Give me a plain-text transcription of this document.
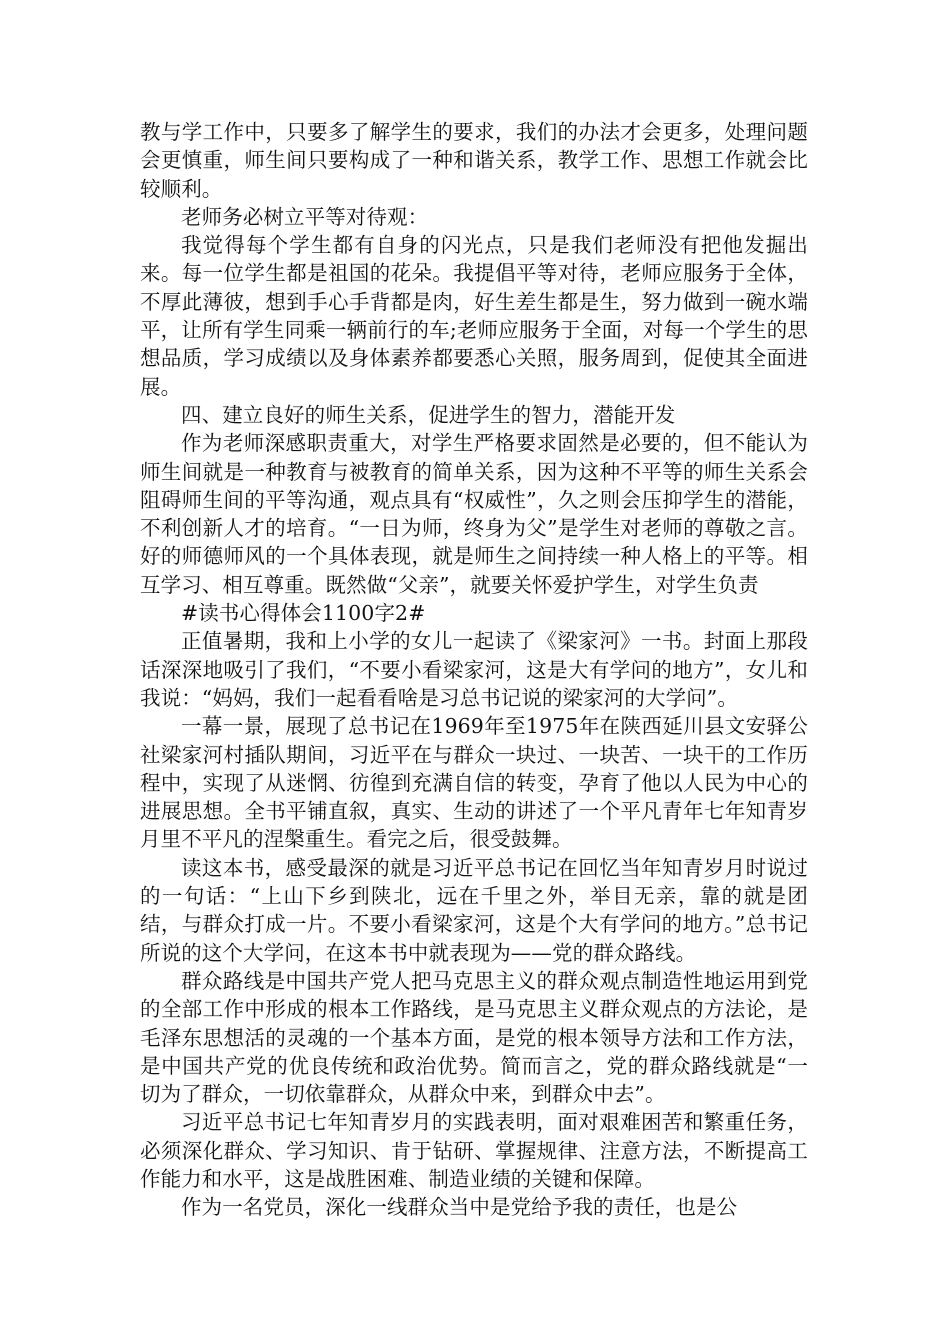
教与学工作中，只要多了解学生的要求，我们的办法才会更多，处理问题会更慎重，师生间只要构成了一种和谐关系，教学工作、思想工作就会比较顺利。

老师务必树立平等对待观：

我觉得每个学生都有自身的闪光点，只是我们老师没有把他发掘出来。每一位学生都是祖国的花朵。我提倡平等对待，老师应服务于全体，不厚此薄彼，想到手心手背都是肉，好生差生都是生，努力做到一碗水端平，让所有学生同乘一辆前行的车;老师应服务于全面，对每一个学生的思想品质，学习成绩以及身体素养都要悉心关照，服务周到，促使其全面进展。

四、建立良好的师生关系，促进学生的智力，潜能开发

作为老师深感职责重大，对学生严格要求固然是必要的，但不能认为师生间就是一种教育与被教育的简单关系，因为这种不平等的师生关系会阻碍师生间的平等沟通，观点具有“权威性”，久之则会压抑学生的潜能，不利创新人才的培育。“一日为师，终身为父”是学生对老师的尊敬之言。好的师德师风的一个具体表现，就是师生之间持续一种人格上的平等。相互学习、相互尊重。既然做“父亲”，就要关怀爱护学生，对学生负责

#读书心得体会1100字2#

正值暑期，我和上小学的女儿一起读了《梁家河》一书。封面上那段话深深地吸引了我们，“不要小看梁家河，这是大有学问的地方”，女儿和我说：“妈妈，我们一起看看啥是习总书记说的梁家河的大学问”。

一幕一景，展现了总书记在1969年至1975年在陕西延川县文安驿公社梁家河村插队期间，习近平在与群众一块过、一块苦、一块干的工作历程中，实现了从迷惘、彷徨到充满自信的转变，孕育了他以人民为中心的进展思想。全书平铺直叙，真实、生动的讲述了一个平凡青年七年知青岁月里不平凡的涅槃重生。看完之后，很受鼓舞。

读这本书，感受最深的就是习近平总书记在回忆当年知青岁月时说过的一句话：“上山下乡到陕北，远在千里之外，举目无亲，靠的就是团结，与群众打成一片。不要小看梁家河，这是个大有学问的地方。”总书记所说的这个大学问，在这本书中就表现为——党的群众路线。

群众路线是中国共产党人把马克思主义的群众观点制造性地运用到党的全部工作中形成的根本工作路线，是马克思主义群众观点的方法论，是毛泽东思想活的灵魂的一个基本方面，是党的根本领导方法和工作方法，是中国共产党的优良传统和政治优势。简而言之，党的群众路线就是“一切为了群众，一切依靠群众，从群众中来，到群众中去”。

习近平总书记七年知青岁月的实践表明，面对艰难困苦和繁重任务，必须深化群众、学习知识、肯于钻研、掌握规律、注意方法，不断提高工作能力和水平，这是战胜困难、制造业绩的关键和保障。

作为一名党员，深化一线群众当中是党给予我的责任，也是公
